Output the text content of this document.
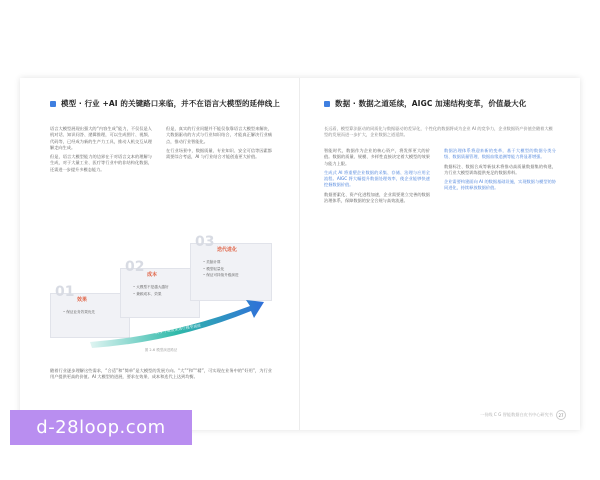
模型 · 行业 +AI 的关键路口来临，并不在语言大模型的延伸线上

语言大模型展现出强大的“内容生成”能力，不仅仅是人机对话、知识问答、逻辑推理，可以生成图片、视频、代码等，已经成为新的生产力工具，推动人机交互从理解走向生成。

但是，语言大模型能力的边界在于对语言文本的理解与生成，对于大量工业、医疗等行业中的非结构化数据，还需进一步提升多模态能力。

但是，真实的行业问题并不能仅依靠语言大模型来解决，大数据驱动的方式与行业知识结合，才能真正解决行业痛点，推动行业智能化。

在行业场景中，数据质量、专业知识、安全可信等因素都需要综合考虑，AI 与行业结合才能创造更大价值。

01 效果
• 保证业务效果优先
02 成本
• 大模型不是越大越好
• 兼顾成本、效果
03 迭代进化
• 类脑计算
• 模型轻量化
• 保证可持续升级演进
从 3 个维度来进行模型演进
图 2-6 模型演进路径

随着行业逐步理解这些需求，“合适”和“简单”是大模型的发展方向。“大”“和”“精”，可实现在业务中的“好用”，为行业用户提供更高的价值。AI 大模型的进展，要求在效果、成本和迭代上达到均衡。

数据 · 数据之道延续，AIGC 加速结构变革，价值最大化
长远看，模型算法驱动的同质化与数据驱动的差异化，个性化的数据将成为企业 AI 的竞争力，企业数据资产价值会随着大模型的发展而进一步扩大，企业数据之道延续。

智能时代，数据作为企业的核心资产，将发挥更大的价值。数据的质量、规模、多样性直接决定着大模型的效果与能力上限。

生成式 AI 将重塑企业数据的采集、存储、治理与应用全流程。AIGC 将大幅提升数据处理效率，使企业能够快速挖掘数据价值。

数据要素化、资产化进程加速，企业需要建立完善的数据治理体系，保障数据的安全合规与高效流通。

数据治理体系将迎来新的变革，基于大模型的数据分类分级、数据质量管理、数据血缘追溯等能力将显著增强。

数据标注、数据合成等新技术将推动高质量数据集的构建，为行业大模型训练提供充足的数据养料。

企业需要构建面向 AI 的数据基础设施，实现数据与模型的协同进化，持续释放数据价值。

一份线 C G 智能数据白皮书中心研究书	27
d-28loop.com
